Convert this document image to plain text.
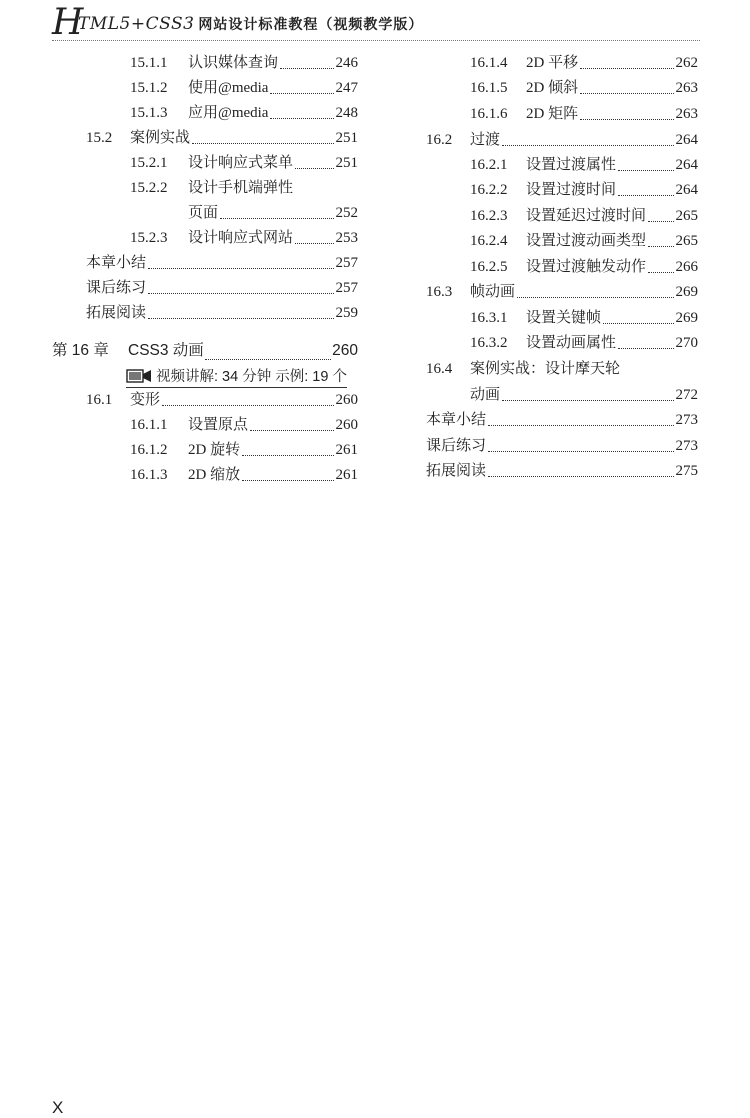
H
TML5+CSS3 网站设计标准教程（视频教学版）
15.1.1	认识媒体查询	246
15.1.2	使用@media	247
15.1.3	应用@media	248
15.2	案例实战	251
15.2.1	设计响应式菜单	251
15.2.2	设计手机端弹性
页面	252
15.2.3	设计响应式网站	253
本章小结	257
课后练习	257
拓展阅读	259
第 16 章	CSS3 动画	260
视频讲解: 34 分钟 示例: 19 个
16.1	变形	260
16.1.1	设置原点	260
16.1.2	2D 旋转	261
16.1.3	2D 缩放	261
16.1.4	2D 平移	262
16.1.5	2D 倾斜	263
16.1.6	2D 矩阵	263
16.2	过渡	264
16.2.1	设置过渡属性	264
16.2.2	设置过渡时间	264
16.2.3	设置延迟过渡时间 265
16.2.4	设置过渡动画类型 265
16.2.5	设置过渡触发动作 266
16.3	帧动画	269
16.3.1	设置关键帧	269
16.3.2	设置动画属性	270
16.4	案例实战：设计摩天轮
动画	272
本章小结	273
课后练习	273
拓展阅读	275
X
